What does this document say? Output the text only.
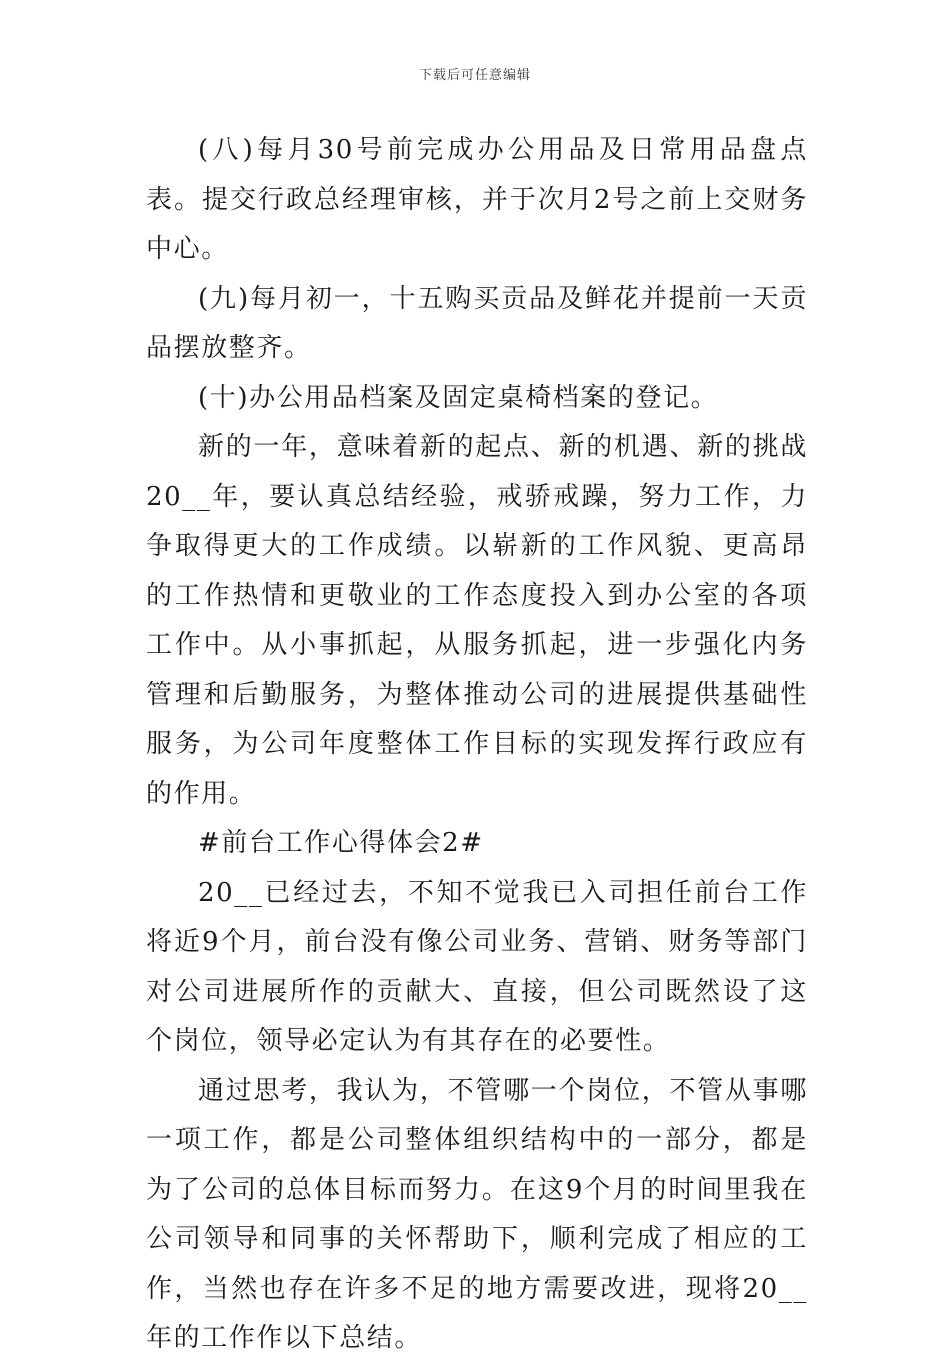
下载后可任意编辑

(八)每月30号前完成办公用品及日常用品盘点表。提交行政总经理审核，并于次月2号之前上交财务中心。

(九)每月初一，十五购买贡品及鲜花并提前一天贡品摆放整齐。

(十)办公用品档案及固定桌椅档案的登记。

新的一年，意味着新的起点、新的机遇、新的挑战20__年，要认真总结经验，戒骄戒躁，努力工作，力争取得更大的工作成绩。以崭新的工作风貌、更高昂的工作热情和更敬业的工作态度投入到办公室的各项工作中。从小事抓起，从服务抓起，进一步强化内务管理和后勤服务，为整体推动公司的进展提供基础性服务，为公司年度整体工作目标的实现发挥行政应有的作用。

#前台工作心得体会2#

20__已经过去，不知不觉我已入司担任前台工作将近9个月，前台没有像公司业务、营销、财务等部门对公司进展所作的贡献大、直接，但公司既然设了这个岗位，领导必定认为有其存在的必要性。

通过思考，我认为，不管哪一个岗位，不管从事哪一项工作，都是公司整体组织结构中的一部分，都是为了公司的总体目标而努力。在这9个月的时间里我在公司领导和同事的关怀帮助下，顺利完成了相应的工作，当然也存在许多不足的地方需要改进，现将20__年的工作作以下总结。
